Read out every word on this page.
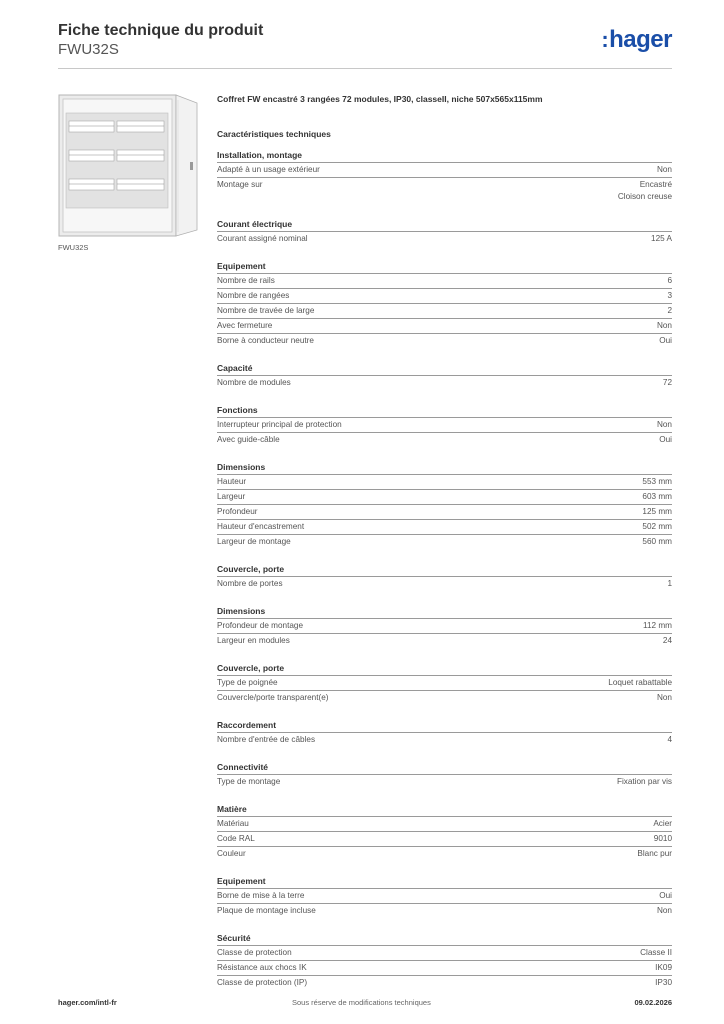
Fiche technique du produit
FWU32S	:hager
FWU32S
Coffret FW encastré 3 rangées 72 modules, IP30, classeII, niche 507x565x115mm
Caractéristiques techniques
Installation, montage
Adapté à un usage extérieur	Non
Montage sur	Encastré
Cloison creuse
Courant électrique
Courant assigné nominal	125 A
Equipement
Nombre de rails	6
Nombre de rangées	3
Nombre de travée de large	2
Avec fermeture	Non
Borne à conducteur neutre	Oui
Capacité
Nombre de modules	72
Fonctions
Interrupteur principal de protection	Non
Avec guide-câble	Oui
Dimensions
Hauteur	553 mm
Largeur	603 mm
Profondeur	125 mm
Hauteur d'encastrement	502 mm
Largeur de montage	560 mm
Couvercle, porte
Nombre de portes	1
Dimensions
Profondeur de montage	112 mm
Largeur en modules	24
Couvercle, porte
Type de poignée	Loquet rabattable
Couvercle/porte transparent(e)	Non
Raccordement
Nombre d'entrée de câbles	4
Connectivité
Type de montage	Fixation par vis
Matière
Matériau	Acier
Code RAL	9010
Couleur	Blanc pur
Equipement
Borne de mise à la terre	Oui
Plaque de montage incluse	Non
Sécurité
Classe de protection	Classe II
Résistance aux chocs IK	IK09
Classe de protection (IP)	IP30
hager.com/intl-fr	Sous réserve de modifications techniques	09.02.2026
